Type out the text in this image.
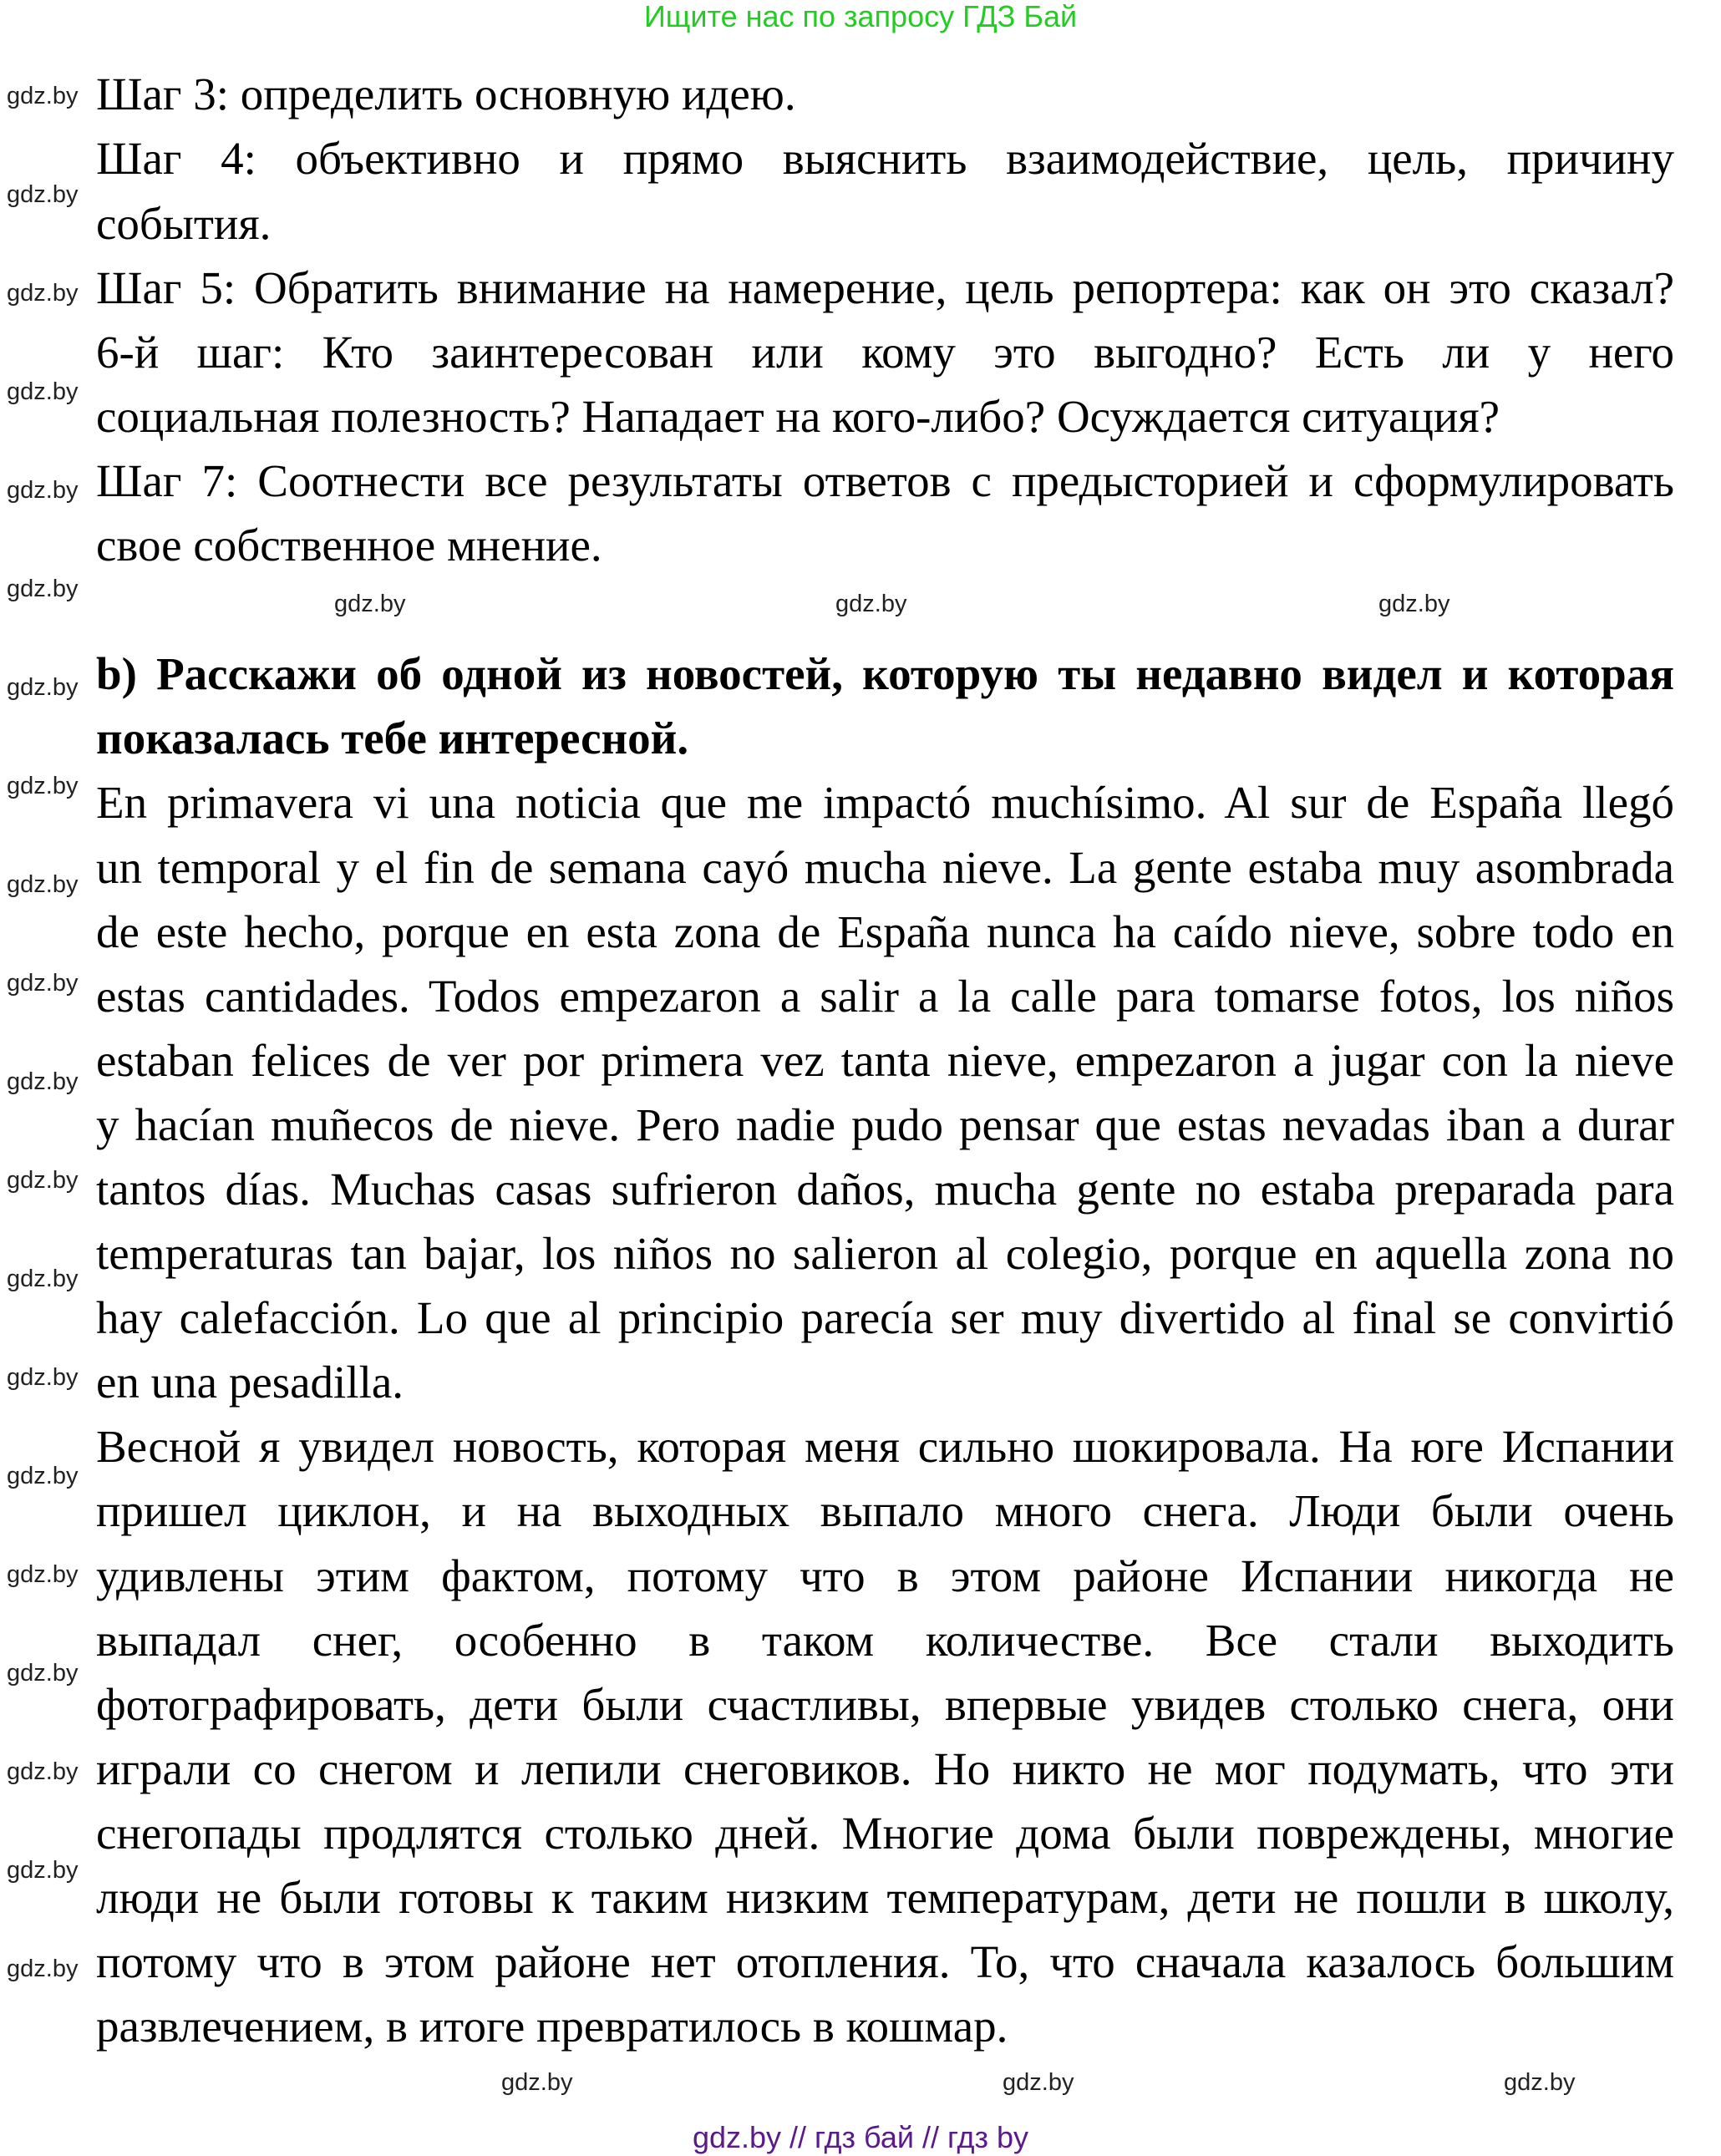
Ищите нас по запросу ГДЗ Бай
Шаг 3: определить основную идею.
Шаг 4: объективно и прямо выяснить взаимодействие, цель, причину
события.
Шаг 5: Обратить внимание на намерение, цель репортера: как он это сказал?
6-й шаг: Кто заинтересован или кому это выгодно? Есть ли у него
социальная полезность? Нападает на кого-либо? Осуждается ситуация?
Шаг 7: Соотнести все результаты ответов с предысторией и сформулировать
свое собственное мнение.
b) Расскажи об одной из новостей, которую ты недавно видел и которая
показалась тебе интересной.
En primavera vi una noticia que me impactó muchísimo. Al sur de España llegó
un temporal y el fin de semana cayó mucha nieve. La gente estaba muy asombrada
de este hecho, porque en esta zona de España nunca ha caído nieve, sobre todo en
estas cantidades. Todos empezaron a salir a la calle para tomarse fotos, los niños
estaban felices de ver por primera vez tanta nieve, empezaron a jugar con la nieve
y hacían muñecos de nieve. Pero nadie pudo pensar que estas nevadas iban a durar
tantos días. Muchas casas sufrieron daños, mucha gente no estaba preparada para
temperaturas tan bajar, los niños no salieron al colegio, porque en aquella zona no
hay calefacción. Lo que al principio parecía ser muy divertido al final se convirtió
en una pesadilla.
Весной я увидел новость, которая меня сильно шокировала. На юге Испании
пришел циклон, и на выходных выпало много снега. Люди были очень
удивлены этим фактом, потому что в этом районе Испании никогда не
выпадал снег, особенно в таком количестве. Все стали выходить
фотографировать, дети были счастливы, впервые увидев столько снега, они
играли со снегом и лепили снеговиков. Но никто не мог подумать, что эти
снегопады продлятся столько дней. Многие дома были повреждены, многие
люди не были готовы к таким низким температурам, дети не пошли в школу,
потому что в этом районе нет отопления. То, что сначала казалось большим
развлечением, в итоге превратилось в кошмар.
gdz.by
gdz.by
gdz.by
gdz.by
gdz.by
gdz.by
gdz.by
gdz.by
gdz.by
gdz.by
gdz.by
gdz.by
gdz.by
gdz.by
gdz.by
gdz.by
gdz.by
gdz.by
gdz.by
gdz.by
gdz.by	gdz.by	gdz.by
gdz.by	gdz.by	gdz.by
gdz.by // гдз бай // гдз by
